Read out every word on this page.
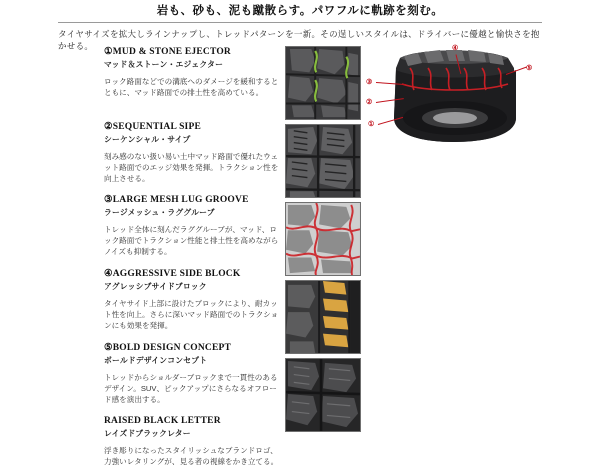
岩も、砂も、泥も蹴散らす。パワフルに軌跡を刻む。
タイヤサイズを拡大しラインナップし、トレッドパターンを一新。その逞しいスタイルは、ドライバーに優越と愉快さを抱かせる。

①MUD & STONE EJECTOR

マッド＆ストーン・エジェクター

ロック路面などでの溝底へのダメージを緩和するとともに、マッド路面での排土性を高めている。

②SEQUENTIAL SIPE

シーケンシャル・サイプ

刻み感のない扱い易い土中マッド路面で優れたウェット路面でのエッジ効果を発揮。トラクション性を向上させる。

③LARGE MESH LUG GROOVE

ラージメッシュ・ラググルーブ

トレッド全体に刻んだラググルーブが、マッド、ロック路面でトラクション性能と排土性を高めながらノイズも抑制する。

④AGGRESSIVE SIDE BLOCK

アグレッシブサイドブロック

タイヤサイド上部に設けたブロックにより、耐カット性を向上。さらに深いマッド路面でのトラクションにも効果を発揮。

⑤BOLD DESIGN CONCEPT

ボールドデザインコンセプト

トレッドからショルダーブロックまで一貫性のあるデザイン。SUV、ピックアップにさらなるオフロード感を演出する。

RAISED BLACK LETTER

レイズドブラックレター

浮き彫りになったスタイリッシュなブランドロゴ、力強いレタリングが、見る者の視線をかき立てる。

①
②
③
④
⑤
